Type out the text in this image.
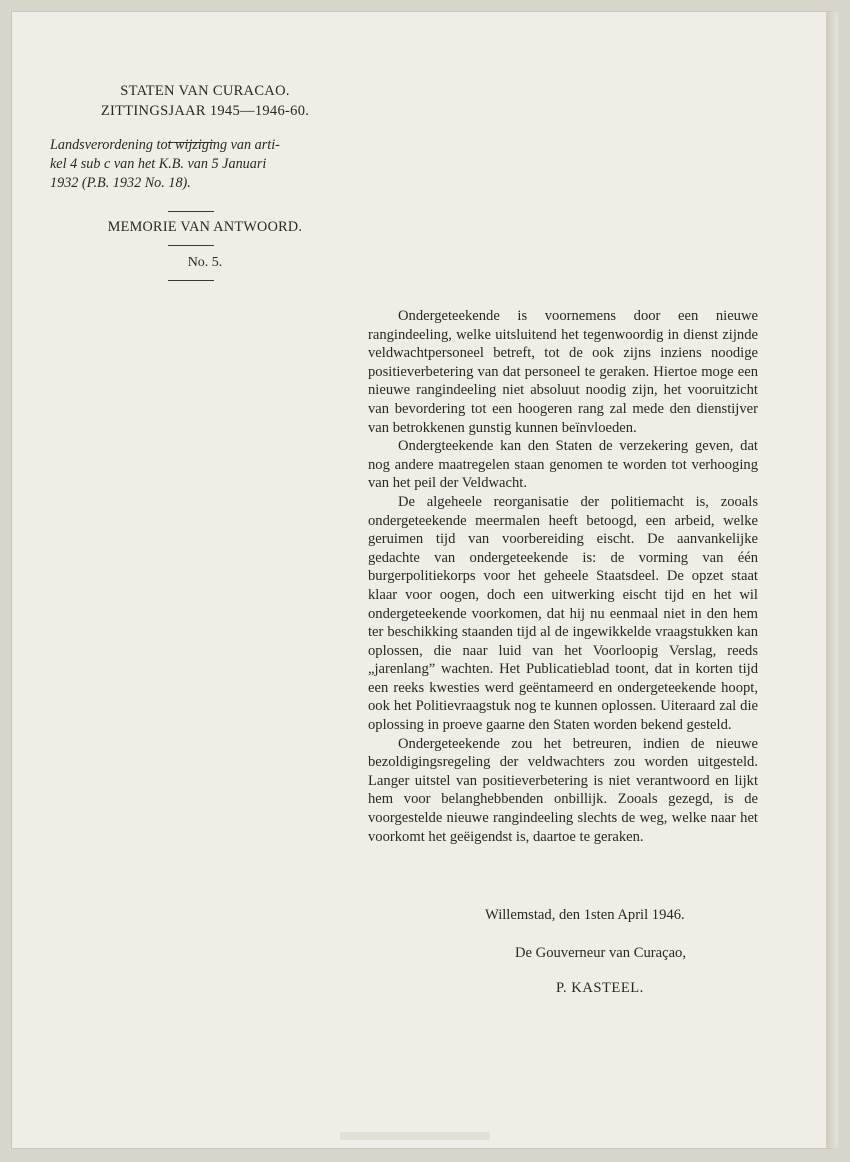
STATEN VAN CURACAO.
ZITTINGSJAAR 1945—1946-60.
Landsverordening tot wijziging van arti-
kel 4 sub c van het K.B. van 5 Januari
1932 (P.B. 1932 No. 18).
MEMORIE VAN ANTWOORD.
No. 5.

Ondergeteekende is voornemens door een nieuwe rangindeeling, welke uitsluitend het tegenwoordig in dienst zijnde veldwachtpersoneel betreft, tot de ook zijns inziens noodige positieverbetering van dat personeel te geraken. Hiertoe moge een nieuwe rangindeeling niet absoluut noodig zijn, het vooruitzicht van bevordering tot een hoogeren rang zal mede den dienstijver van betrokkenen gunstig kunnen beïnvloeden.

Ondergteekende kan den Staten de verzekering geven, dat nog andere maatregelen staan genomen te worden tot verhooging van het peil der Veldwacht.

De algeheele reorganisatie der politiemacht is, zooals ondergeteekende meermalen heeft betoogd, een arbeid, welke geruimen tijd van voorbereiding eischt. De aanvankelijke gedachte van ondergeteekende is: de vorming van één burgerpolitiekorps voor het geheele Staatsdeel. De opzet staat klaar voor oogen, doch een uitwerking eischt tijd en het wil ondergeteekende voorkomen, dat hij nu eenmaal niet in den hem ter beschikking staanden tijd al de ingewikkelde vraagstukken kan oplossen, die naar luid van het Voorloopig Verslag, reeds „jarenlang” wachten. Het Publicatieblad toont, dat in korten tijd een reeks kwesties werd geëntameerd en ondergeteekende hoopt, ook het Politievraagstuk nog te kunnen oplossen. Uiteraard zal die oplossing in proeve gaarne den Staten worden bekend gesteld.

Ondergeteekende zou het betreuren, indien de nieuwe bezoldigingsregeling der veldwachters zou worden uitgesteld. Langer uitstel van positieverbetering is niet verantwoord en lijkt hem voor belanghebbenden onbillijk. Zooals gezegd, is de voorgestelde nieuwe rangindeeling slechts de weg, welke naar het voorkomt het geëigendst is, daartoe te geraken.

Willemstad, den 1sten April 1946.
De Gouverneur van Curaçao,
P. KASTEEL.
